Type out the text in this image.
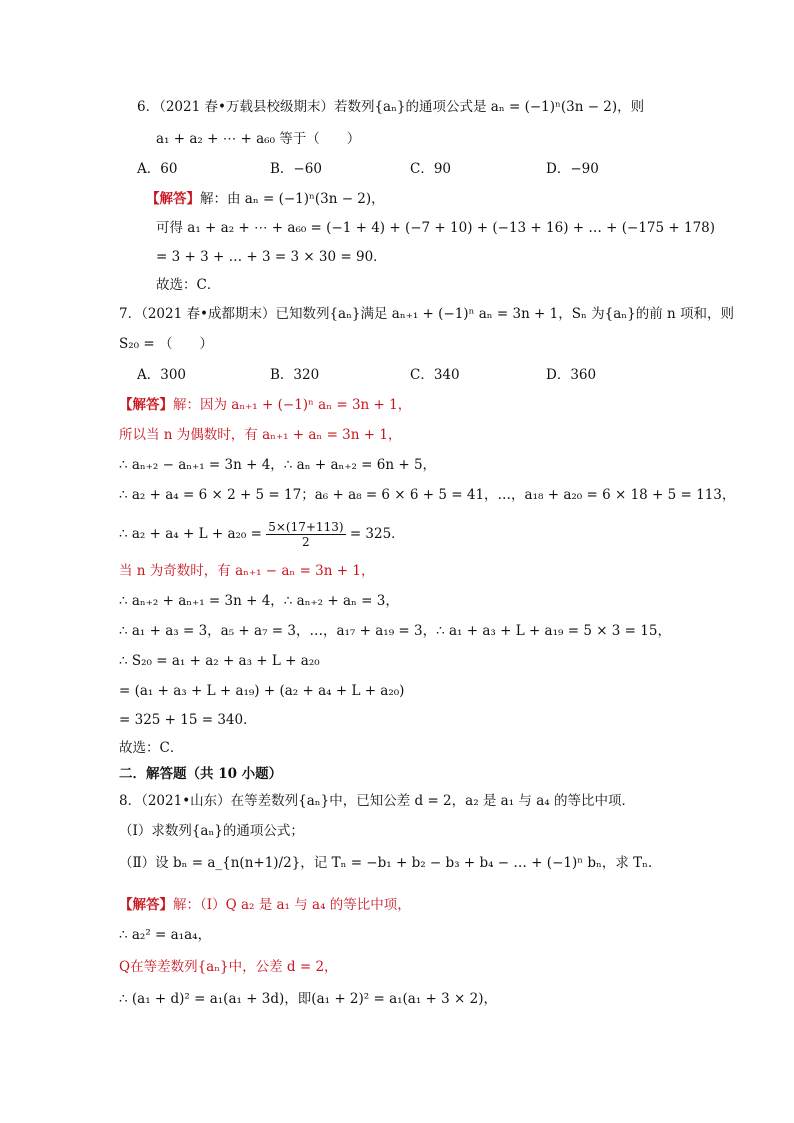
6．（2021 春•万载县校级期末）若数列{aₙ}的通项公式是 aₙ = (−1)ⁿ(3n − 2)，则
a₁ + a₂ + ⋯ + a₆₀ 等于（　　）
A．60	B．−60	C．90	D．−90
【解答】解：由 aₙ = (−1)ⁿ(3n − 2)，
可得 a₁ + a₂ + ⋯ + a₆₀ = (−1 + 4) + (−7 + 10) + (−13 + 16) + … + (−175 + 178)
= 3 + 3 + … + 3 = 3 × 30 = 90．
故选：C．
7．（2021 春•成都期末）已知数列{aₙ}满足 aₙ₊₁ + (−1)ⁿ aₙ = 3n + 1，Sₙ 为{aₙ}的前 n 项和，则
S₂₀ = （　　）
A．300	B．320	C．340	D．360
【解答】解：因为 aₙ₊₁ + (−1)ⁿ aₙ = 3n + 1，
所以当 n 为偶数时，有 aₙ₊₁ + aₙ = 3n + 1，
∴ aₙ₊₂ − aₙ₊₁ = 3n + 4，∴ aₙ + aₙ₊₂ = 6n + 5，
∴ a₂ + a₄ = 6 × 2 + 5 = 17；a₆ + a₈ = 6 × 6 + 5 = 41，…，a₁₈ + a₂₀ = 6 × 18 + 5 = 113，
∴ $a_2 + a_4 + L + a_{20} = \frac{5\times(17+113)}{2} = 325$．
当 n 为奇数时，有 aₙ₊₁ − aₙ = 3n + 1，
∴ aₙ₊₂ + aₙ₊₁ = 3n + 4，∴ aₙ₊₂ + aₙ = 3，
∴ a₁ + a₃ = 3，a₅ + a₇ = 3，…，a₁₇ + a₁₉ = 3，∴ a₁ + a₃ + L + a₁₉ = 5 × 3 = 15，
∴ S₂₀ = a₁ + a₂ + a₃ + L + a₂₀
= (a₁ + a₃ + L + a₁₉) + (a₂ + a₄ + L + a₂₀)
= 325 + 15 = 340．
故选：C．
二．解答题（共 10 小题）
8．（2021•山东）在等差数列{aₙ}中，已知公差 d = 2，a₂ 是 a₁ 与 a₄ 的等比中项．
（Ⅰ）求数列{aₙ}的通项公式；
（Ⅱ）设 bₙ = a_{n(n+1)/2}，记 Tₙ = −b₁ + b₂ − b₃ + b₄ − … + (−1)ⁿ bₙ，求 Tₙ．
【解答】解：（Ⅰ）Q a₂ 是 a₁ 与 a₄ 的等比中项，
∴ a₂² = a₁a₄，
Q在等差数列{aₙ}中，公差 d = 2，
∴ (a₁ + d)² = a₁(a₁ + 3d)，即(a₁ + 2)² = a₁(a₁ + 3 × 2)，
